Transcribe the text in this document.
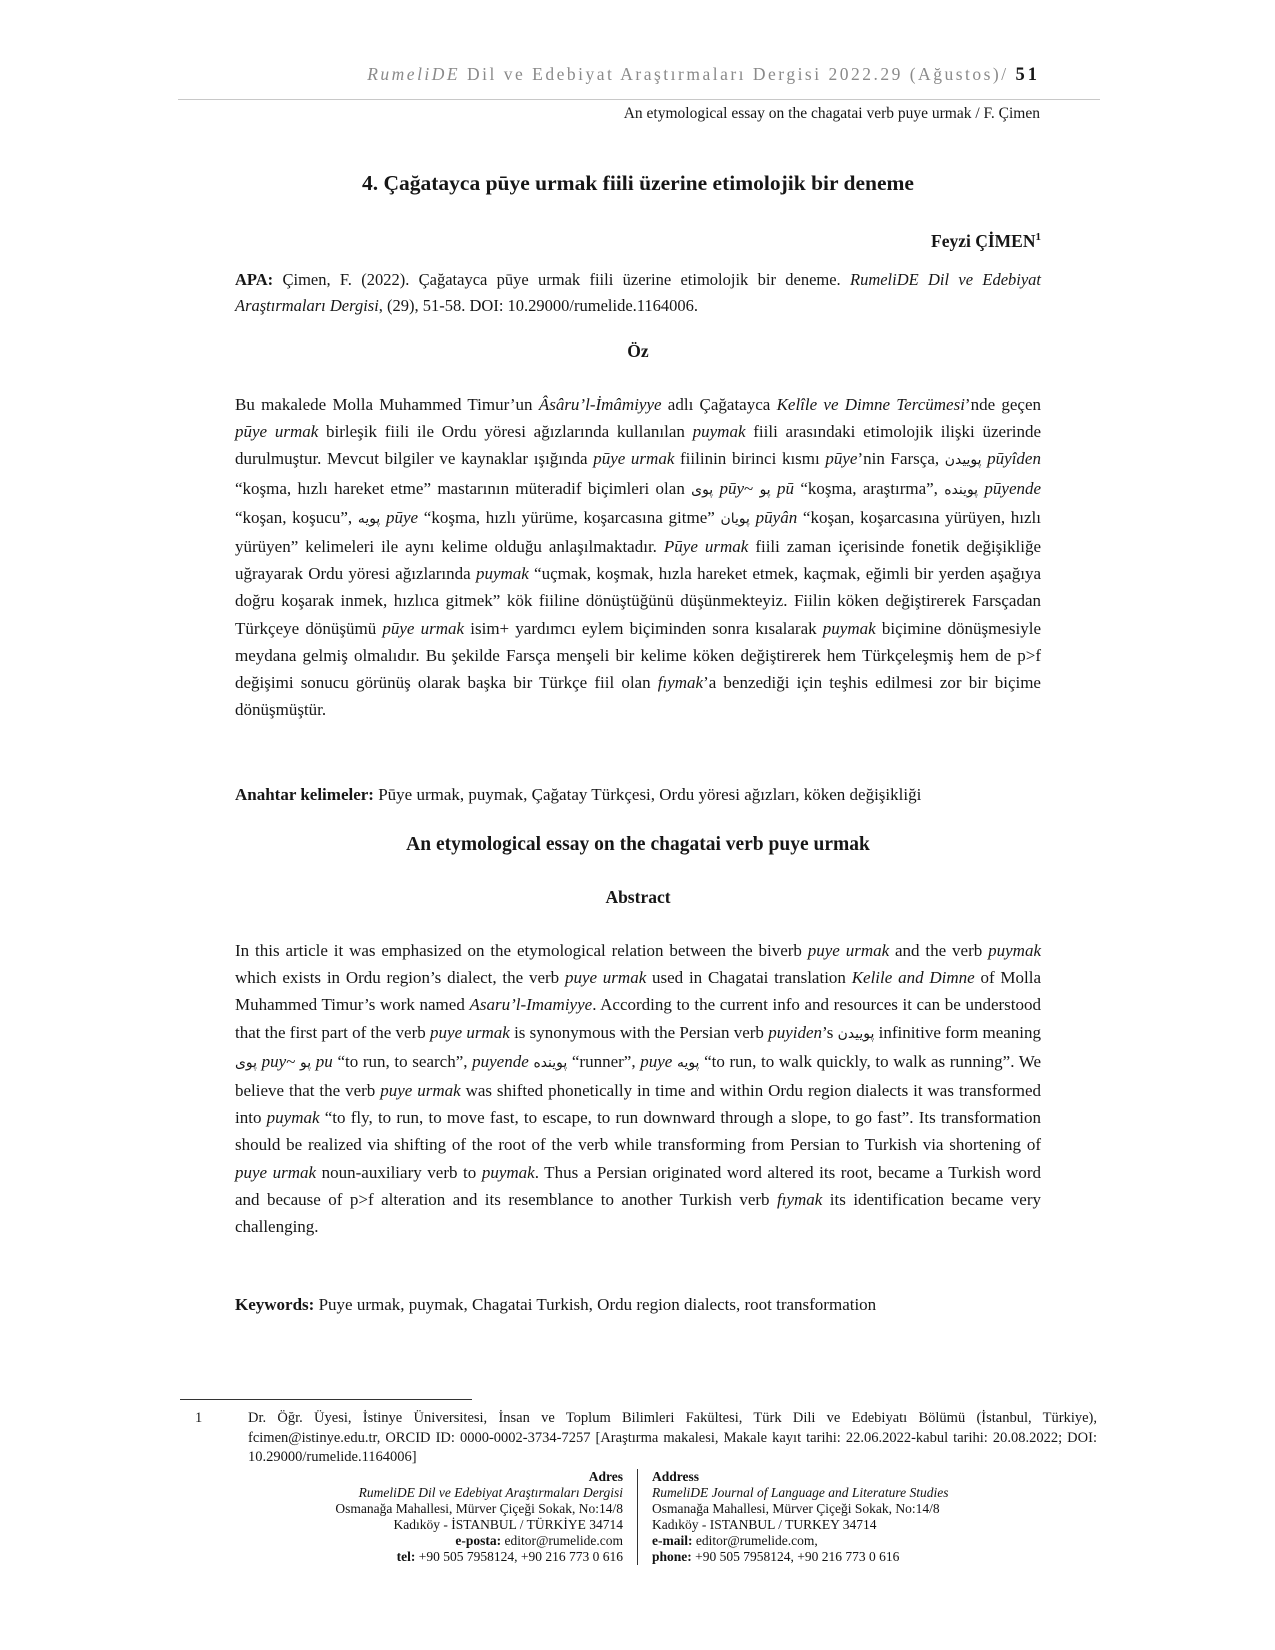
RumeliDE Dil ve Edebiyat Araştırmaları Dergisi 2022.29 (Ağustos)/ 51
An etymological essay on the chagatai verb puye urmak / F. Çimen
4. Çağatayca pūye urmak fiili üzerine etimolojik bir deneme
Feyzi ÇİMEN$^1$
APA: Çimen, F. (2022). Çağatayca pūye urmak fiili üzerine etimolojik bir deneme. RumeliDE Dil ve Edebiyat Araştırmaları Dergisi, (29), 51-58. DOI: 10.29000/rumelide.1164006.
Öz
Bu makalede Molla Muhammed Timur’un Âsâru’l-İmâmiyye adlı Çağatayca Kelîle ve Dimne Tercümesi’nde geçen pūye urmak birleşik fiili ile Ordu yöresi ağızlarında kullanılan puymak fiili arasındaki etimolojik ilişki üzerinde durulmuştur. Mevcut bilgiler ve kaynaklar ışığında pūye urmak fiilinin birinci kısmı pūye’nin Farsça, پوییدن pūyîden “koşma, hızlı hareket etme” mastarının müteradif biçimleri olan پوی pūy~ پو pū “koşma, araştırma”, پوینده pūyende “koşan, koşucu”, پویه pūye “koşma, hızlı yürüme, koşarcasına gitme” پویان pūyân “koşan, koşarcasına yürüyen, hızlı yürüyen” kelimeleri ile aynı kelime olduğu anlaşılmaktadır. Pūye urmak fiili zaman içerisinde fonetik değişikliğe uğrayarak Ordu yöresi ağızlarında puymak “uçmak, koşmak, hızla hareket etmek, kaçmak, eğimli bir yerden aşağıya doğru koşarak inmek, hızlıca gitmek” kök fiiline dönüştüğünü düşünmekteyiz. Fiilin köken değiştirerek Farsçadan Türkçeye dönüşümü pūye urmak isim+ yardımcı eylem biçiminden sonra kısalarak puymak biçimine dönüşmesiyle meydana gelmiş olmalıdır. Bu şekilde Farsça menşeli bir kelime köken değiştirerek hem Türkçeleşmiş hem de p>f değişimi sonucu görünüş olarak başka bir Türkçe fiil olan fıymak’a benzediği için teşhis edilmesi zor bir biçime dönüşmüştür.
Anahtar kelimeler: Pūye urmak, puymak, Çağatay Türkçesi, Ordu yöresi ağızları, köken değişikliği
An etymological essay on the chagatai verb puye urmak
Abstract
In this article it was emphasized on the etymological relation between the biverb puye urmak and the verb puymak which exists in Ordu region’s dialect, the verb puye urmak used in Chagatai translation Kelile and Dimne of Molla Muhammed Timur’s work named Asaru’l-Imamiyye. According to the current info and resources it can be understood that the first part of the verb puye urmak is synonymous with the Persian verb puyiden’s پوییدن infinitive form meaning پوی puy~ پو pu “to run, to search”, puyende پوینده “runner”, puye پویه “to run, to walk quickly, to walk as running”. We believe that the verb puye urmak was shifted phonetically in time and within Ordu region dialects it was transformed into puymak “to fly, to run, to move fast, to escape, to run downward through a slope, to go fast”. Its transformation should be realized via shifting of the root of the verb while transforming from Persian to Turkish via shortening of puye urmak noun-auxiliary verb to puymak. Thus a Persian originated word altered its root, became a Turkish word and because of p>f alteration and its resemblance to another Turkish verb fıymak its identification became very challenging.
Keywords: Puye urmak, puymak, Chagatai Turkish, Ordu region dialects, root transformation
1	Dr. Öğr. Üyesi, İstinye Üniversitesi, İnsan ve Toplum Bilimleri Fakültesi, Türk Dili ve Edebiyatı Bölümü (İstanbul, Türkiye), fcimen@istinye.edu.tr, ORCID ID: 0000-0002-3734-7257 [Araştırma makalesi, Makale kayıt tarihi: 22.06.2022-kabul tarihi: 20.08.2022; DOI: 10.29000/rumelide.1164006]
Adres
RumeliDE Dil ve Edebiyat Araştırmaları Dergisi
Osmanağa Mahallesi, Mürver Çiçeği Sokak, No:14/8
Kadıköy - İSTANBUL / TÜRKİYE 34714
e-posta: editor@rumelide.com
tel: +90 505 7958124, +90 216 773 0 616
Address
RumeliDE Journal of Language and Literature Studies
Osmanağa Mahallesi, Mürver Çiçeği Sokak, No:14/8
Kadıköy - ISTANBUL / TURKEY 34714
e-mail: editor@rumelide.com,
phone: +90 505 7958124, +90 216 773 0 616
